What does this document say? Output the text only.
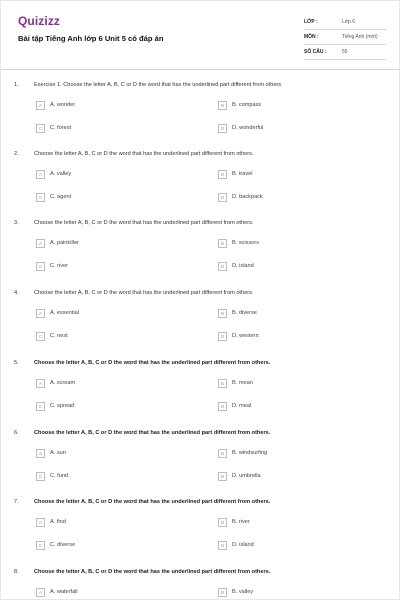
Quizizz
Bài tập Tiếng Anh lớp 6 Unit 5 có đáp án
LỚP :	Lớp 6
MÔN :	Tiếng Anh (mới)
SỐ CÂU :	55
1.	Exercise 1: Choose the letter A, B, C or D the word that has the underlined part different from others
A	A. wonder	B	B. compass
C	C. forest	D	D. wonderful
2.	Choose the letter A, B, C or D the word that has the underlined part different from others.
A	A. valley	B	B. travel
C	C. agent	D	D. backpack
3.	Choose the letter A, B, C or D the word that has the underlined part different from others.
A	A. painkiller	B	B. scissors
C	C. river	D	D. island
4.	Choose the letter A, B, C or D the word that has the underlined part different from others.
A	A. essential	B	B. diverse
C	C. nest	D	D. western
5.	Choose the letter A, B, C or D the word that has the underlined part different from others.
A	A. scream	B	B. mean
C	C. spread	D	D. meal
6.	Choose the letter A, B, C or D the word that has the underlined part different from others.
A	A. sun	B	B. windsurfing
C	C. fund	D	D. umbrella
7.	Choose the letter A, B, C or D the word that has the underlined part different from others.
A	A. find	B	B. river
C	C. diverse	D	D. island
8.	Choose the letter A, B, C or D the word that has the underlined part different from others.
A	A. waterfall	B	B. valley
